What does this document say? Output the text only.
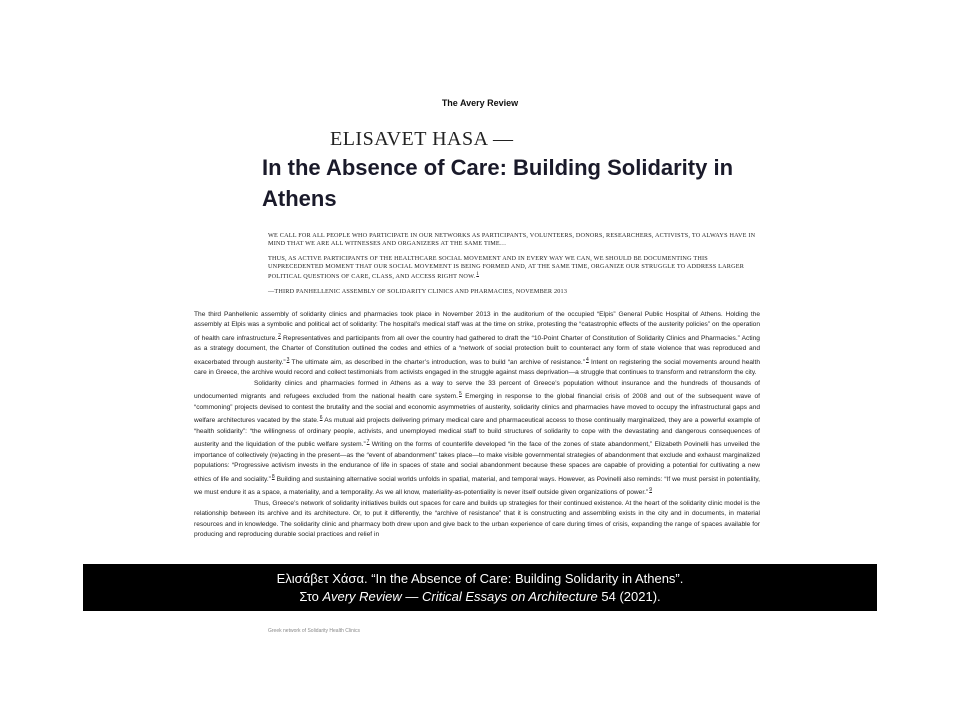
The Avery Review
ELISAVET HASA —
In the Absence of Care: Building Solidarity in Athens

WE CALL FOR ALL PEOPLE WHO PARTICIPATE IN OUR NETWORKS AS PARTICIPANTS, VOLUNTEERS, DONORS, RESEARCHERS, ACTIVISTS, TO ALWAYS HAVE IN MIND THAT WE ARE ALL WITNESSES AND ORGANIZERS AT THE SAME TIME…

THUS, AS ACTIVE PARTICIPANTS OF THE HEALTHCARE SOCIAL MOVEMENT AND IN EVERY WAY WE CAN, WE SHOULD BE DOCUMENTING THIS UNPRECEDENTED MOMENT THAT OUR SOCIAL MOVEMENT IS BEING FORMED AND, AT THE SAME TIME, ORGANIZE OUR STRUGGLE TO ADDRESS LARGER POLITICAL QUESTIONS OF CARE, CLASS, AND ACCESS RIGHT NOW.$^1$

—THIRD PANHELLENIC ASSEMBLY OF SOLIDARITY CLINICS AND PHARMACIES, NOVEMBER 2013

The third Panhellenic assembly of solidarity clinics and pharmacies took place in November 2013 in the auditorium of the occupied “Elpis” General Public Hospital of Athens. Holding the assembly at Elpis was a symbolic and political act of solidarity: The hospital’s medical staff was at the time on strike, protesting the “catastrophic effects of the austerity policies” on the operation of health care infrastructure.$^2$ Representatives and participants from all over the country had gathered to draft the “10-Point Charter of Constitution of Solidarity Clinics and Pharmacies.” Acting as a strategy document, the Charter of Constitution outlined the codes and ethics of a “network of social protection built to counteract any form of state violence that was reproduced and exacerbated through austerity.”$^3$ The ultimate aim, as described in the charter’s introduction, was to build “an archive of resistance.”$^4$ Intent on registering the social movements around health care in Greece, the archive would record and collect testimonials from activists engaged in the struggle against mass deprivation—a struggle that continues to transform and retransform the city.

Solidarity clinics and pharmacies formed in Athens as a way to serve the 33 percent of Greece’s population without insurance and the hundreds of thousands of undocumented migrants and refugees excluded from the national health care system.$^5$ Emerging in response to the global financial crisis of 2008 and out of the subsequent wave of “commoning” projects devised to contest the brutality and the social and economic asymmetries of austerity, solidarity clinics and pharmacies have moved to occupy the infrastructural gaps and welfare architectures vacated by the state.$^6$ As mutual aid projects delivering primary medical care and pharmaceutical access to those continually marginalized, they are a powerful example of “health solidarity”: “the willingness of ordinary people, activists, and unemployed medical staff to build structures of solidarity to cope with the devastating and dangerous consequences of austerity and the liquidation of the public welfare system.”$^7$ Writing on the forms of counterlife developed “in the face of the zones of state abandonment,” Elizabeth Povinelli has unveiled the importance of collectively (re)acting in the present—as the “event of abandonment” takes place—to make visible governmental strategies of abandonment that exclude and exhaust marginalized populations: “Progressive activism invests in the endurance of life in spaces of state and social abandonment because these spaces are capable of providing a potential for cultivating a new ethics of life and sociality.”$^8$ Building and sustaining alternative social worlds unfolds in spatial, material, and temporal ways. However, as Povinelli also reminds: “If we must persist in potentiality, we must endure it as a space, a materiality, and a temporality. As we all know, materiality-as-potentiality is never itself outside given organizations of power.”$^9$

Thus, Greece’s network of solidarity initiatives builds out spaces for care and builds up strategies for their continued existence. At the heart of the solidarity clinic model is the relationship between its archive and its architecture. Or, to put it differently, the “archive of resistance” that it is constructing and assembling exists in the city and in documents, in material resources and in knowledge. The solidarity clinic and pharmacy both drew upon and give back to the urban experience of care during times of crisis, expanding the range of spaces available for producing and reproducing durable social practices and relief in

Greek network of Solidarity Health Clinics
Ελισάβετ Χάσα. “In the Absence of Care: Building Solidarity in Athens”.
Στο Avery Review — Critical Essays on Architecture 54 (2021).
